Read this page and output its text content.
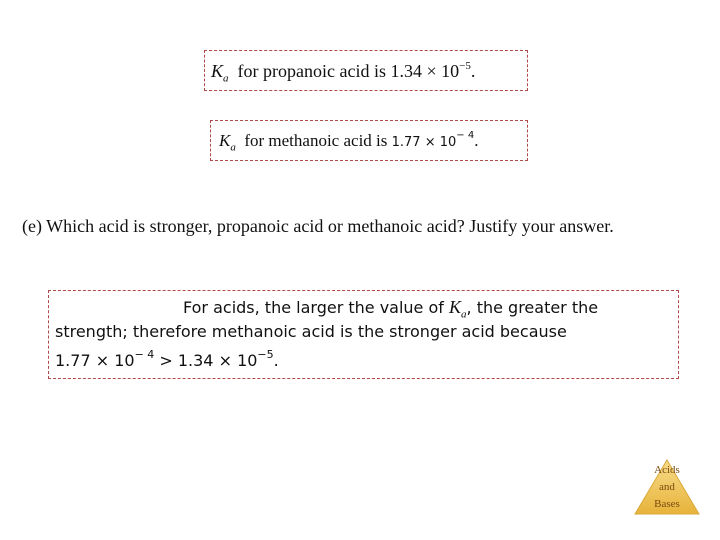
$K_a$ for propanoic acid is $1.34 \times 10^{-5}$.
$K_a$ for methanoic acid is $1.77 \times 10^{- 4}$.
(e) Which acid is stronger, propanoic acid or methanoic acid? Justify your answer.
For acids, the larger the value of $K_a$, the greater the
strength; therefore methanoic acid is the stronger acid because
$1.77 \times 10^{- 4} > 1.34 \times 10^{-5}$.
Acids
and
Bases
